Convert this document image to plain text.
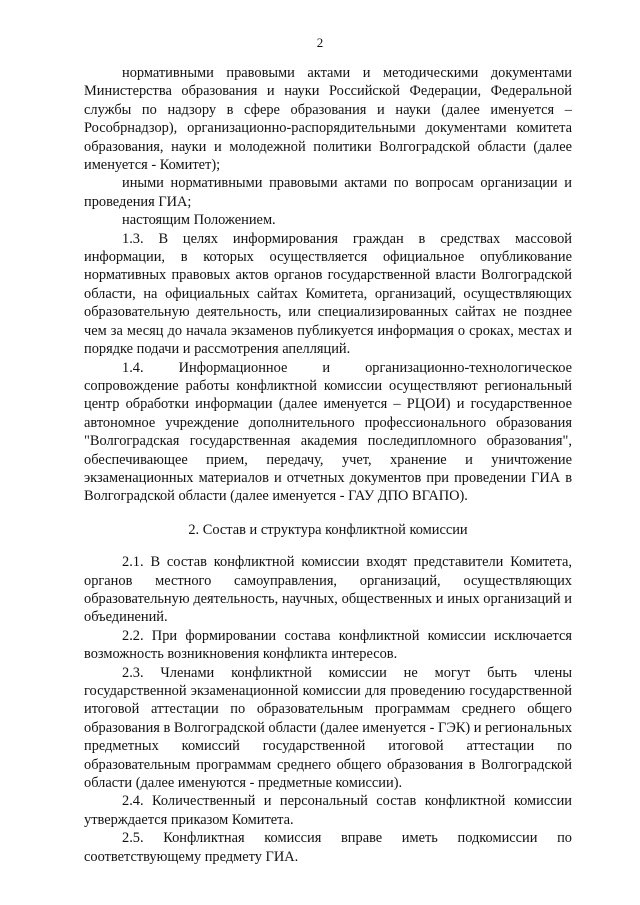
2

нормативными правовыми актами и методическими документами Министерства образования и науки Российской Федерации, Федеральной службы по надзору в сфере образования и науки (далее именуется – Рособрнадзор), организационно-распорядительными документами комитета образования, науки и молодежной политики Волгоградской области (далее именуется - Комитет);

иными нормативными правовыми актами по вопросам организации и проведения ГИА;

настоящим Положением.

1.3. В целях информирования граждан в средствах массовой информации, в которых осуществляется официальное опубликование нормативных правовых актов органов государственной власти Волгоградской области, на официальных сайтах Комитета, организаций, осуществляющих образовательную деятельность, или специализированных сайтах не позднее чем за месяц до начала экзаменов публикуется информация о сроках, местах и порядке подачи и рассмотрения апелляций.

1.4. Информационное и организационно-технологическое сопровождение работы конфликтной комиссии осуществляют региональный центр обработки информации (далее именуется – РЦОИ) и государственное автономное учреждение дополнительного профессионального образования "Волгоградская государственная академия последипломного образования", обеспечивающее прием, передачу, учет, хранение и уничтожение экзаменационных материалов и отчетных документов при проведении ГИА в Волгоградской области (далее именуется - ГАУ ДПО ВГАПО).

2. Состав и структура конфликтной комиссии

2.1. В состав конфликтной комиссии входят представители Комитета, органов местного самоуправления, организаций, осуществляющих образовательную деятельность, научных, общественных и иных организаций и объединений.

2.2. При формировании состава конфликтной комиссии исключается возможность возникновения конфликта интересов.

2.3. Членами конфликтной комиссии не могут быть члены государственной экзаменационной комиссии для проведению государственной итоговой аттестации по образовательным программам среднего общего образования в Волгоградской области (далее именуется - ГЭК) и региональных предметных комиссий государственной итоговой аттестации по образовательным программам среднего общего образования в Волгоградской области (далее именуются - предметные комиссии).

2.4. Количественный и персональный состав конфликтной комиссии утверждается приказом Комитета.

2.5. Конфликтная комиссия вправе иметь подкомиссии по соответствующему предмету ГИА.
